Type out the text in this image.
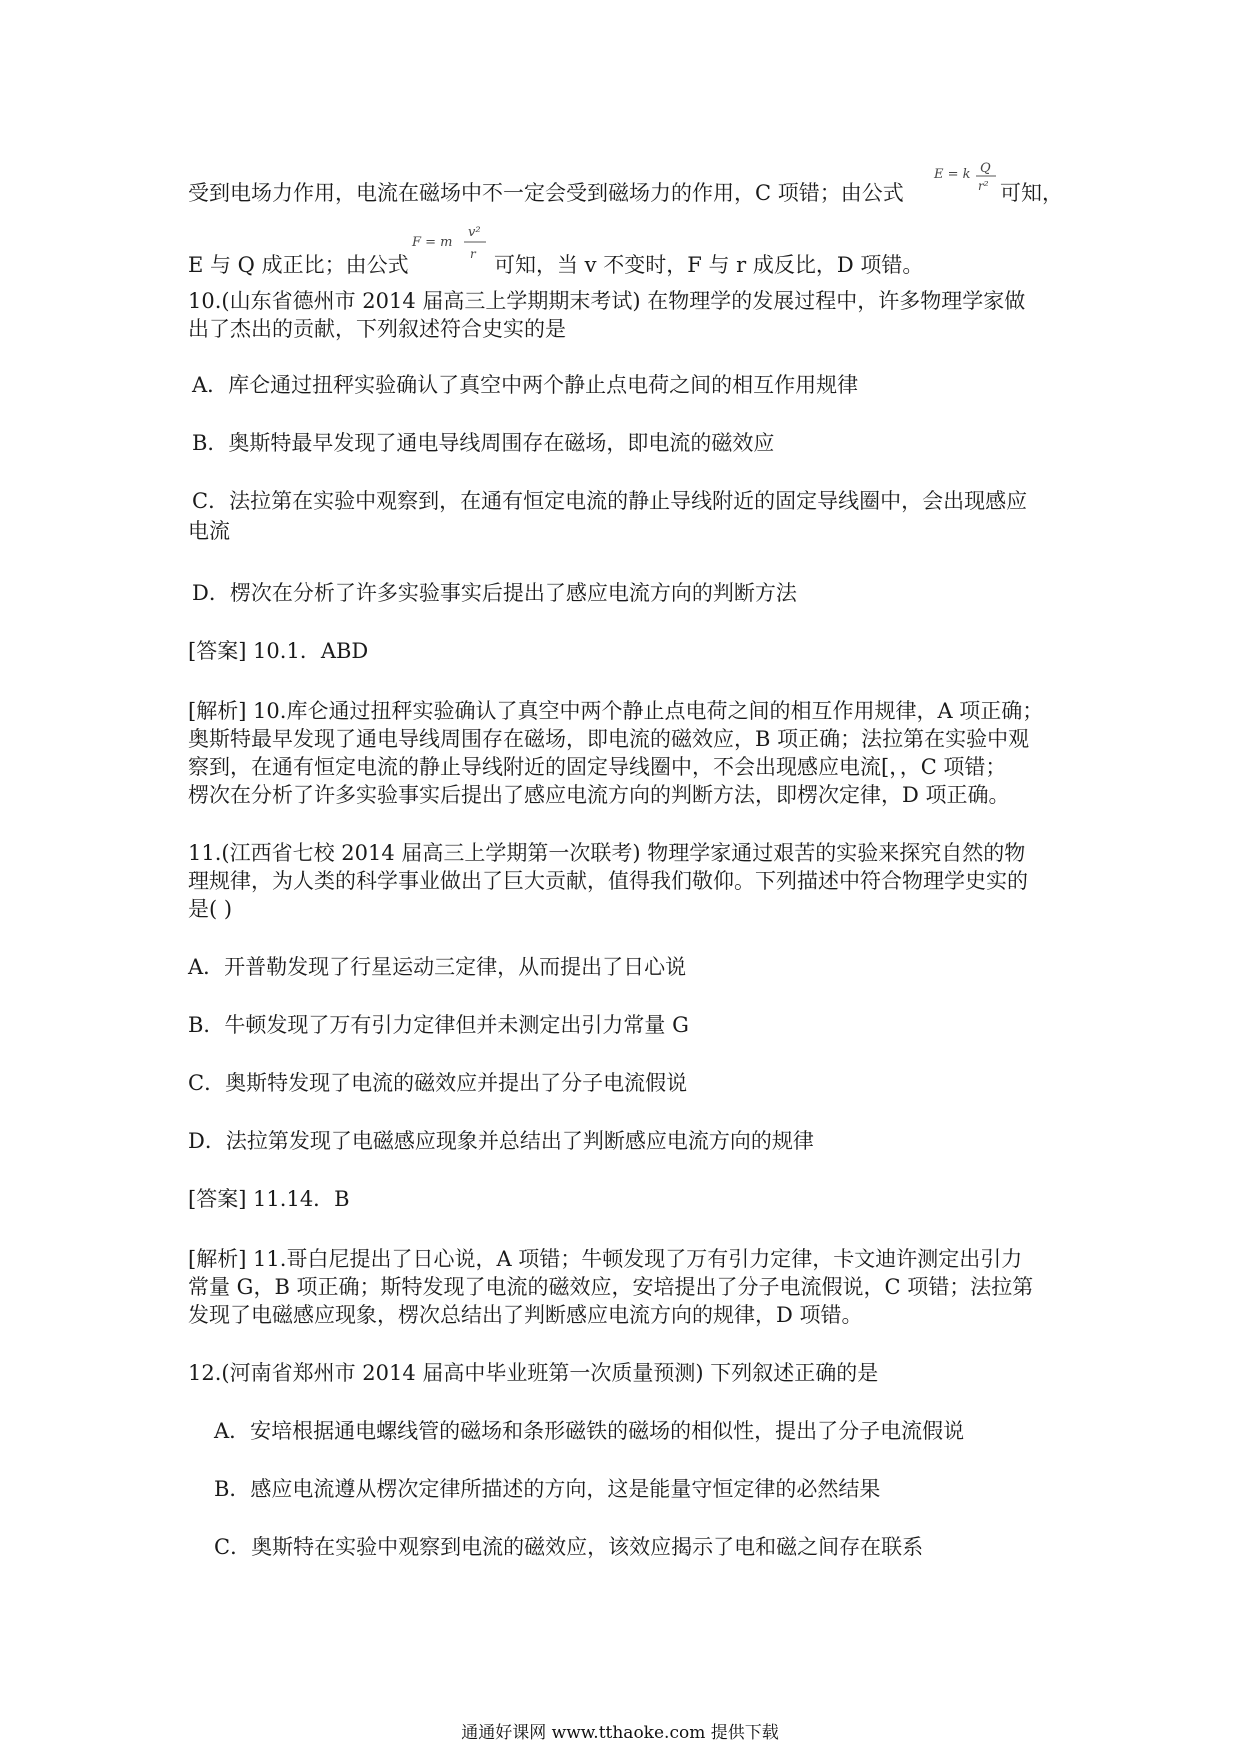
受到电场力作用，电流在磁场中不一定会受到磁场力的作用，C 项错；由公式
E = k Q
r² 可知，
E 与 Q 成正比；由公式
F = m
v²
r 可知，当 v 不变时，F 与 r 成反比，D 项错。
10.(山东省德州市 2014 届高三上学期期末考试) 在物理学的发展过程中，许多物理学家做
出了杰出的贡献，下列叙述符合史实的是
A．库仑通过扭秤实验确认了真空中两个静止点电荷之间的相互作用规律
B．奥斯特最早发现了通电导线周围存在磁场，即电流的磁效应
C．法拉第在实验中观察到，在通有恒定电流的静止导线附近的固定导线圈中，会出现感应
电流
D．楞次在分析了许多实验事实后提出了感应电流方向的判断方法
[答案] 10.1．ABD
[解析] 10.库仑通过扭秤实验确认了真空中两个静止点电荷之间的相互作用规律，A 项正确；
奥斯特最早发现了通电导线周围存在磁场，即电流的磁效应，B 项正确；法拉第在实验中观
察到，在通有恒定电流的静止导线附近的固定导线圈中，不会出现感应电流[，，C 项错；
楞次在分析了许多实验事实后提出了感应电流方向的判断方法，即楞次定律，D 项正确。
11.(江西省七校 2014 届高三上学期第一次联考) 物理学家通过艰苦的实验来探究自然的物
理规律，为人类的科学事业做出了巨大贡献，值得我们敬仰。下列描述中符合物理学史实的
是( )
A．开普勒发现了行星运动三定律，从而提出了日心说
B．牛顿发现了万有引力定律但并未测定出引力常量 G
C．奥斯特发现了电流的磁效应并提出了分子电流假说
D．法拉第发现了电磁感应现象并总结出了判断感应电流方向的规律
[答案] 11.14．B
[解析] 11.哥白尼提出了日心说，A 项错；牛顿发现了万有引力定律，卡文迪许测定出引力
常量 G，B 项正确；斯特发现了电流的磁效应，安培提出了分子电流假说，C 项错；法拉第
发现了电磁感应现象，楞次总结出了判断感应电流方向的规律，D 项错。
12.(河南省郑州市 2014 届高中毕业班第一次质量预测) 下列叙述正确的是
A．安培根据通电螺线管的磁场和条形磁铁的磁场的相似性，提出了分子电流假说
B．感应电流遵从楞次定律所描述的方向，这是能量守恒定律的必然结果
C．奥斯特在实验中观察到电流的磁效应，该效应揭示了电和磁之间存在联系
通通好课网 www.tthaoke.com 提供下载
